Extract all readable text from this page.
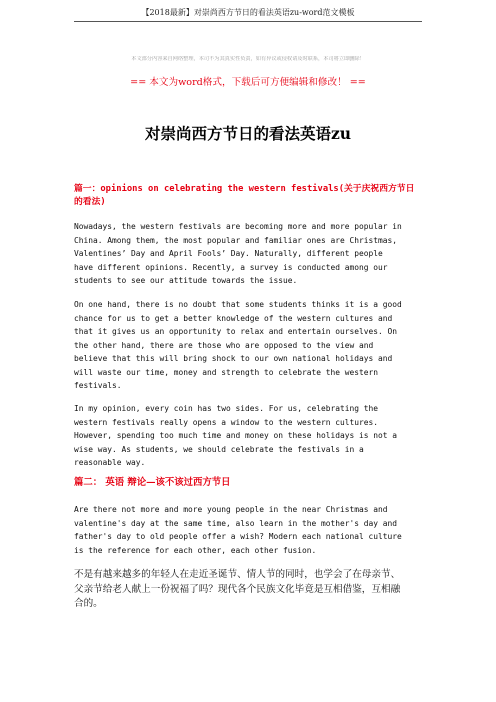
【2018最新】对崇尚西方节日的看法英语zu-word范文模板
本文部分内容来自网络整理，本司不为其真实性负责，如有异议或侵权请及时联系，本司将立即删除！
== 本文为word格式，下载后可方便编辑和修改！ ==
对崇尚西方节日的看法英语zu
篇一：opinions on celebrating the western festivals(关于庆祝西方节日
的看法)
Nowadays, the western festivals are becoming more and more popular in
China. Among them, the most popular and familiar ones are Christmas,
Valentines’ Day and April Fools’ Day. Naturally, different people
have different opinions. Recently, a survey is conducted among our
students to see our attitude towards the issue.
On one hand, there is no doubt that some students thinks it is a good
chance for us to get a better knowledge of the western cultures and
that it gives us an opportunity to relax and entertain ourselves. On
the other hand, there are those who are opposed to the view and
believe that this will bring shock to our own national holidays and
will waste our time, money and strength to celebrate the western
festivals.
In my opinion, every coin has two sides. For us, celebrating the
western festivals really opens a window to the western cultures.
However, spending too much time and money on these holidays is not a
wise way. As students, we should celebrate the festivals in a
reasonable way.
篇二： 英语 辩论—该不该过西方节日
Are there not more and more young people in the near Christmas and
valentine's day at the same time, also learn in the mother's day and
father's day to old people offer a wish? Modern each national culture
is the reference for each other, each other fusion.
不是有越来越多的年轻人在走近圣诞节、情人节的同时，也学会了在母亲节、
父亲节给老人献上一份祝福了吗？现代各个民族文化毕竟是互相借鉴，互相融
合的。
